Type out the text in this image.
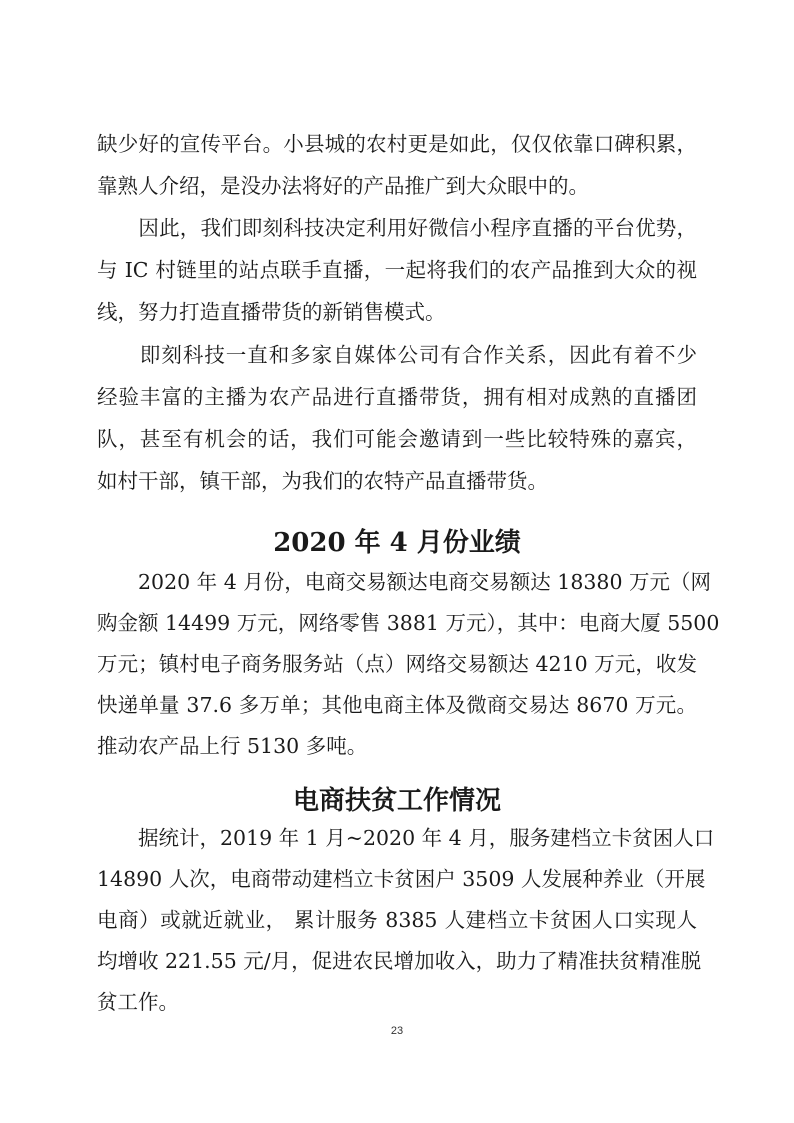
缺少好的宣传平台。小县城的农村更是如此，仅仅依靠口碑积累，

靠熟人介绍，是没办法将好的产品推广到大众眼中的。

　　因此，我们即刻科技决定利用好微信小程序直播的平台优势，

与 IC 村链里的站点联手直播，一起将我们的农产品推到大众的视

线，努力打造直播带货的新销售模式。

　　即刻科技一直和多家自媒体公司有合作关系，因此有着不少

经验丰富的主播为农产品进行直播带货，拥有相对成熟的直播团

队，甚至有机会的话，我们可能会邀请到一些比较特殊的嘉宾，

如村干部，镇干部，为我们的农特产品直播带货。

2020 年 4 月份业绩

　　2020 年 4 月份，电商交易额达电商交易额达 18380 万元（网

购金额 14499 万元，网络零售 3881 万元），其中：电商大厦 5500

万元；镇村电子商务服务站（点）网络交易额达 4210 万元，收发

快递单量 37.6 多万单；其他电商主体及微商交易达 8670 万元。

推动农产品上行 5130 多吨。

电商扶贫工作情况

　　据统计，2019 年 1 月~2020 年 4 月，服务建档立卡贫困人口

14890 人次，电商带动建档立卡贫困户 3509 人发展种养业（开展

电商）或就近就业， 累计服务 8385 人建档立卡贫困人口实现人

均增收 221.55 元/月，促进农民增加收入，助力了精准扶贫精准脱

贫工作。

23
